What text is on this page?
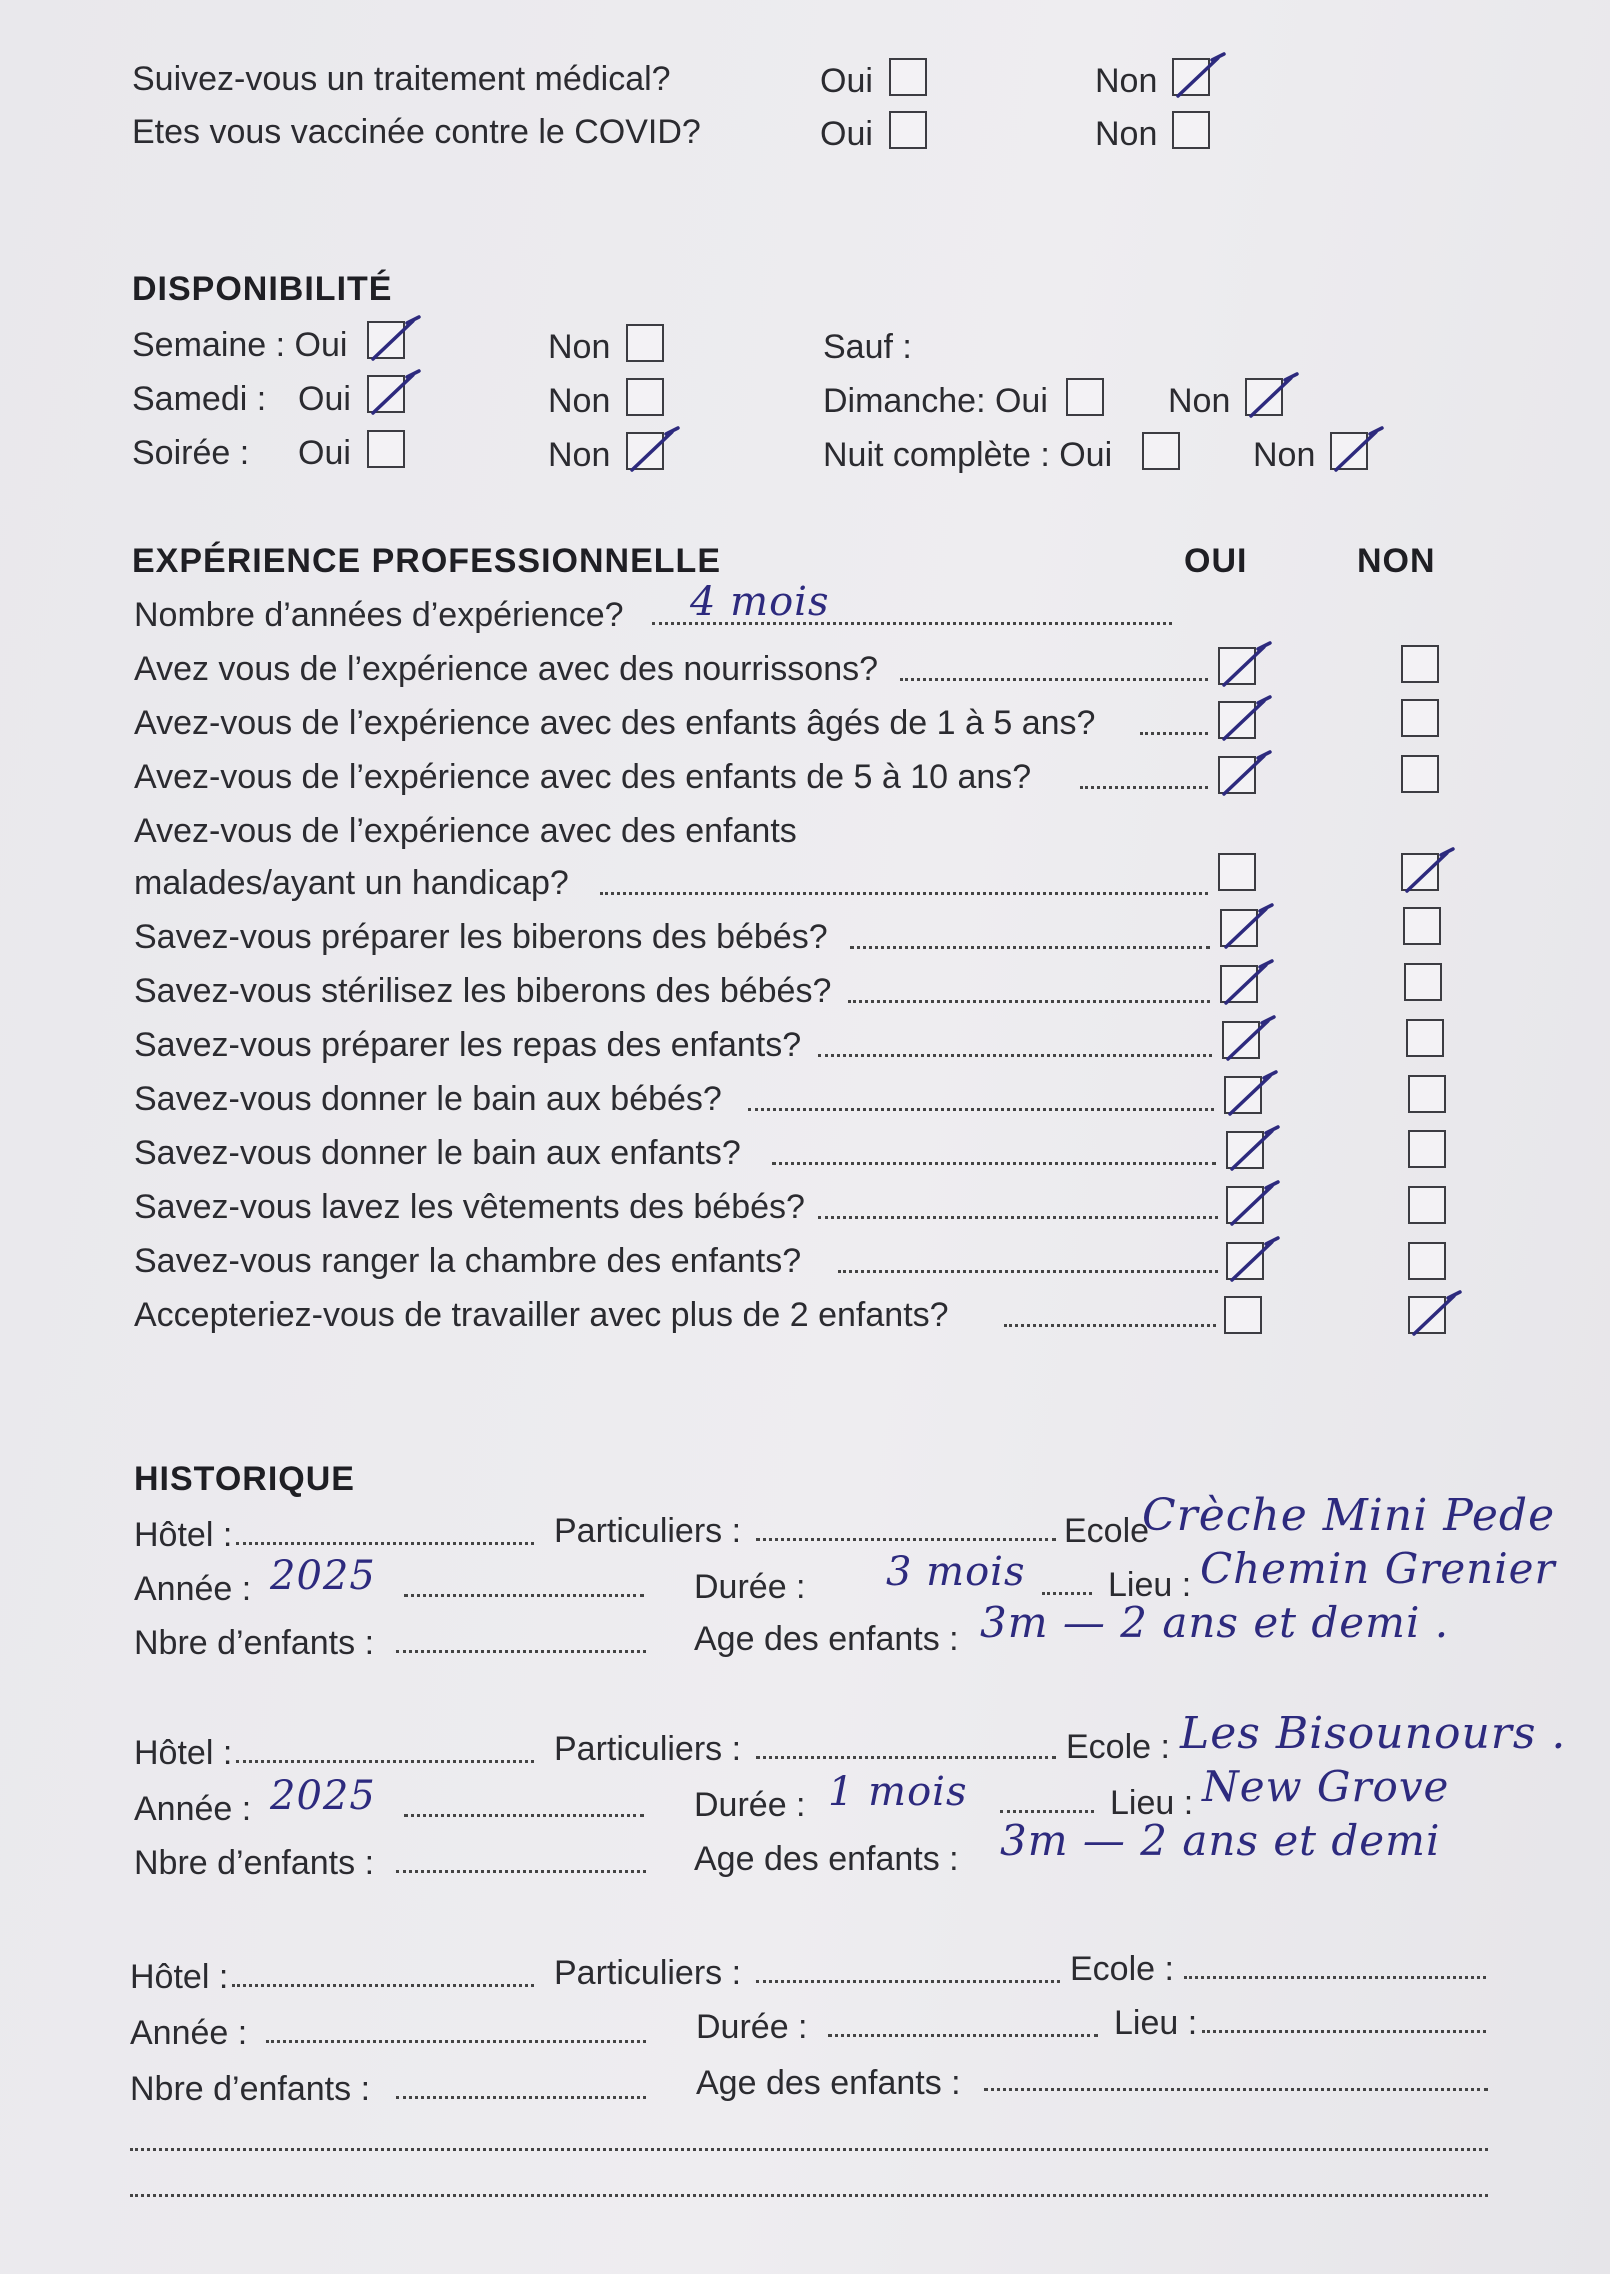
Suivez-vous un traitement médical?	Oui	Non
Etes vous vaccinée contre le COVID?	Oui	Non
DISPONIBILITÉ
Semaine : Oui	Non	Sauf :
Samedi : Oui	Non	Dimanche: Oui	Non
Soirée : Oui	Non	Nuit complète : Oui	Non
EXPÉRIENCE PROFESSIONNELLE	OUI	NON
Nombre d’années d’expérience? 4 mois
Avez vous de l’expérience avec des nourrissons?
Avez-vous de l’expérience avec des enfants âgés de 1 à 5 ans?
Avez-vous de l’expérience avec des enfants de 5 à 10 ans?
Avez-vous de l’expérience avec des enfants
malades/ayant un handicap?
Savez-vous préparer les biberons des bébés?
Savez-vous stérilisez les biberons des bébés?
Savez-vous préparer les repas des enfants?
Savez-vous donner le bain aux bébés?
Savez-vous donner le bain aux enfants?
Savez-vous lavez les vêtements des bébés?
Savez-vous ranger la chambre des enfants?
Accepteriez-vous de travailler avec plus de 2 enfants?
HISTORIQUE
Hôtel :	Particuliers :	Ecole
Crèche Mini Pede
Année : 2025	Durée : 3 mois Lieu : Chemin Grenier
Nbre d’enfants :	Age des enfants : 3m — 2 ans et demi .
Hôtel :	Particuliers :	Ecole : Les Bisounours .
Année : 2025	Durée : 1 mois	Lieu : New Grove
Nbre d’enfants :	Age des enfants : 3m — 2 ans et demi
Hôtel :	Particuliers :	Ecole :
Année :	Durée :	Lieu :
Nbre d’enfants :	Age des enfants :
